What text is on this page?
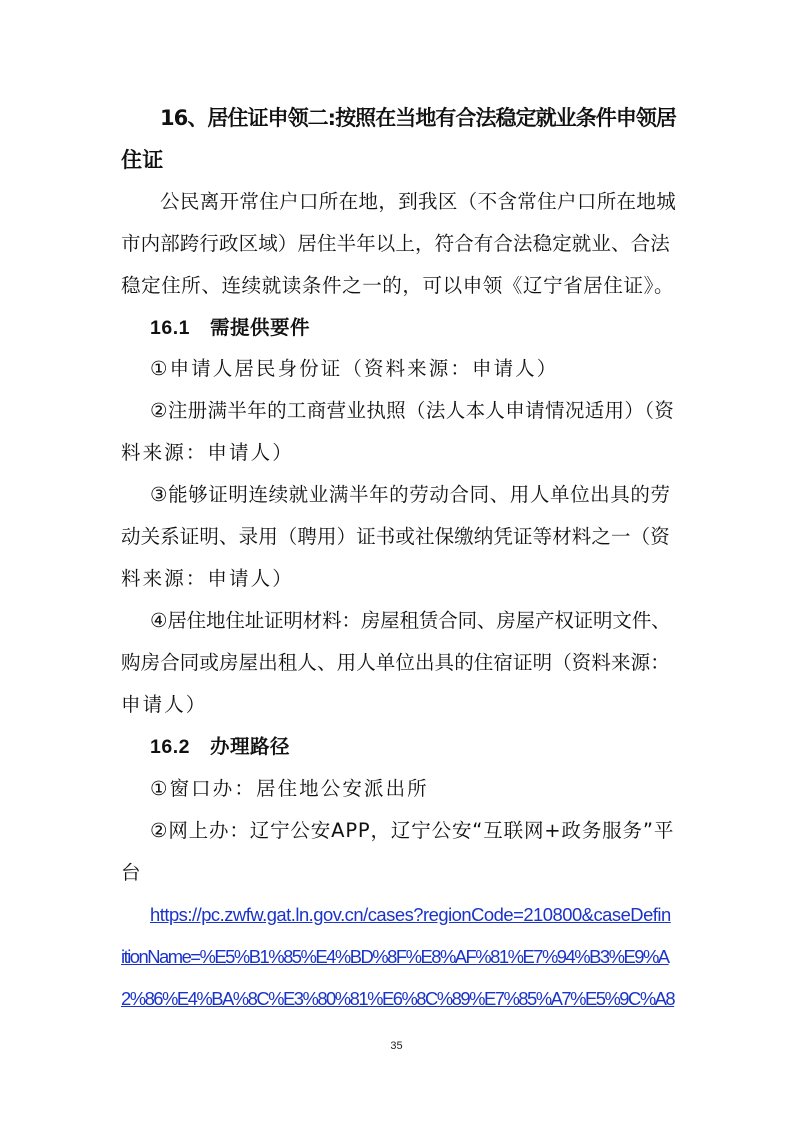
16、居住证申领二:按照在当地有合法稳定就业条件申领居
住证
公民离开常住户口所在地，到我区（不含常住户口所在地城
市内部跨行政区域）居住半年以上，符合有合法稳定就业、合法
稳定住所、连续就读条件之一的，可以申领《辽宁省居住证》。
16.1 需提供要件
①申请人居民身份证（资料来源：申请人）
②注册满半年的工商营业执照（法人本人申请情况适用）（资
料来源：申请人）
③能够证明连续就业满半年的劳动合同、用人单位出具的劳
动关系证明、录用（聘用）证书或社保缴纳凭证等材料之一（资
料来源：申请人）
④居住地住址证明材料：房屋租赁合同、房屋产权证明文件、
购房合同或房屋出租人、用人单位出具的住宿证明（资料来源：
申请人）
16.2 办理路径
①窗口办：居住地公安派出所
②网上办：辽宁公安APP，辽宁公安“互联网+政务服务”平
台
https://pc.zwfw.gat.ln.gov.cn/cases?regionCode=210800&caseDefin
itionName=%E5%B1%85%E4%BD%8F%E8%AF%81%E7%94%B3%E9%A
2%86%E4%BA%8C%E3%80%81%E6%8C%89%E7%85%A7%E5%9C%A8
35
